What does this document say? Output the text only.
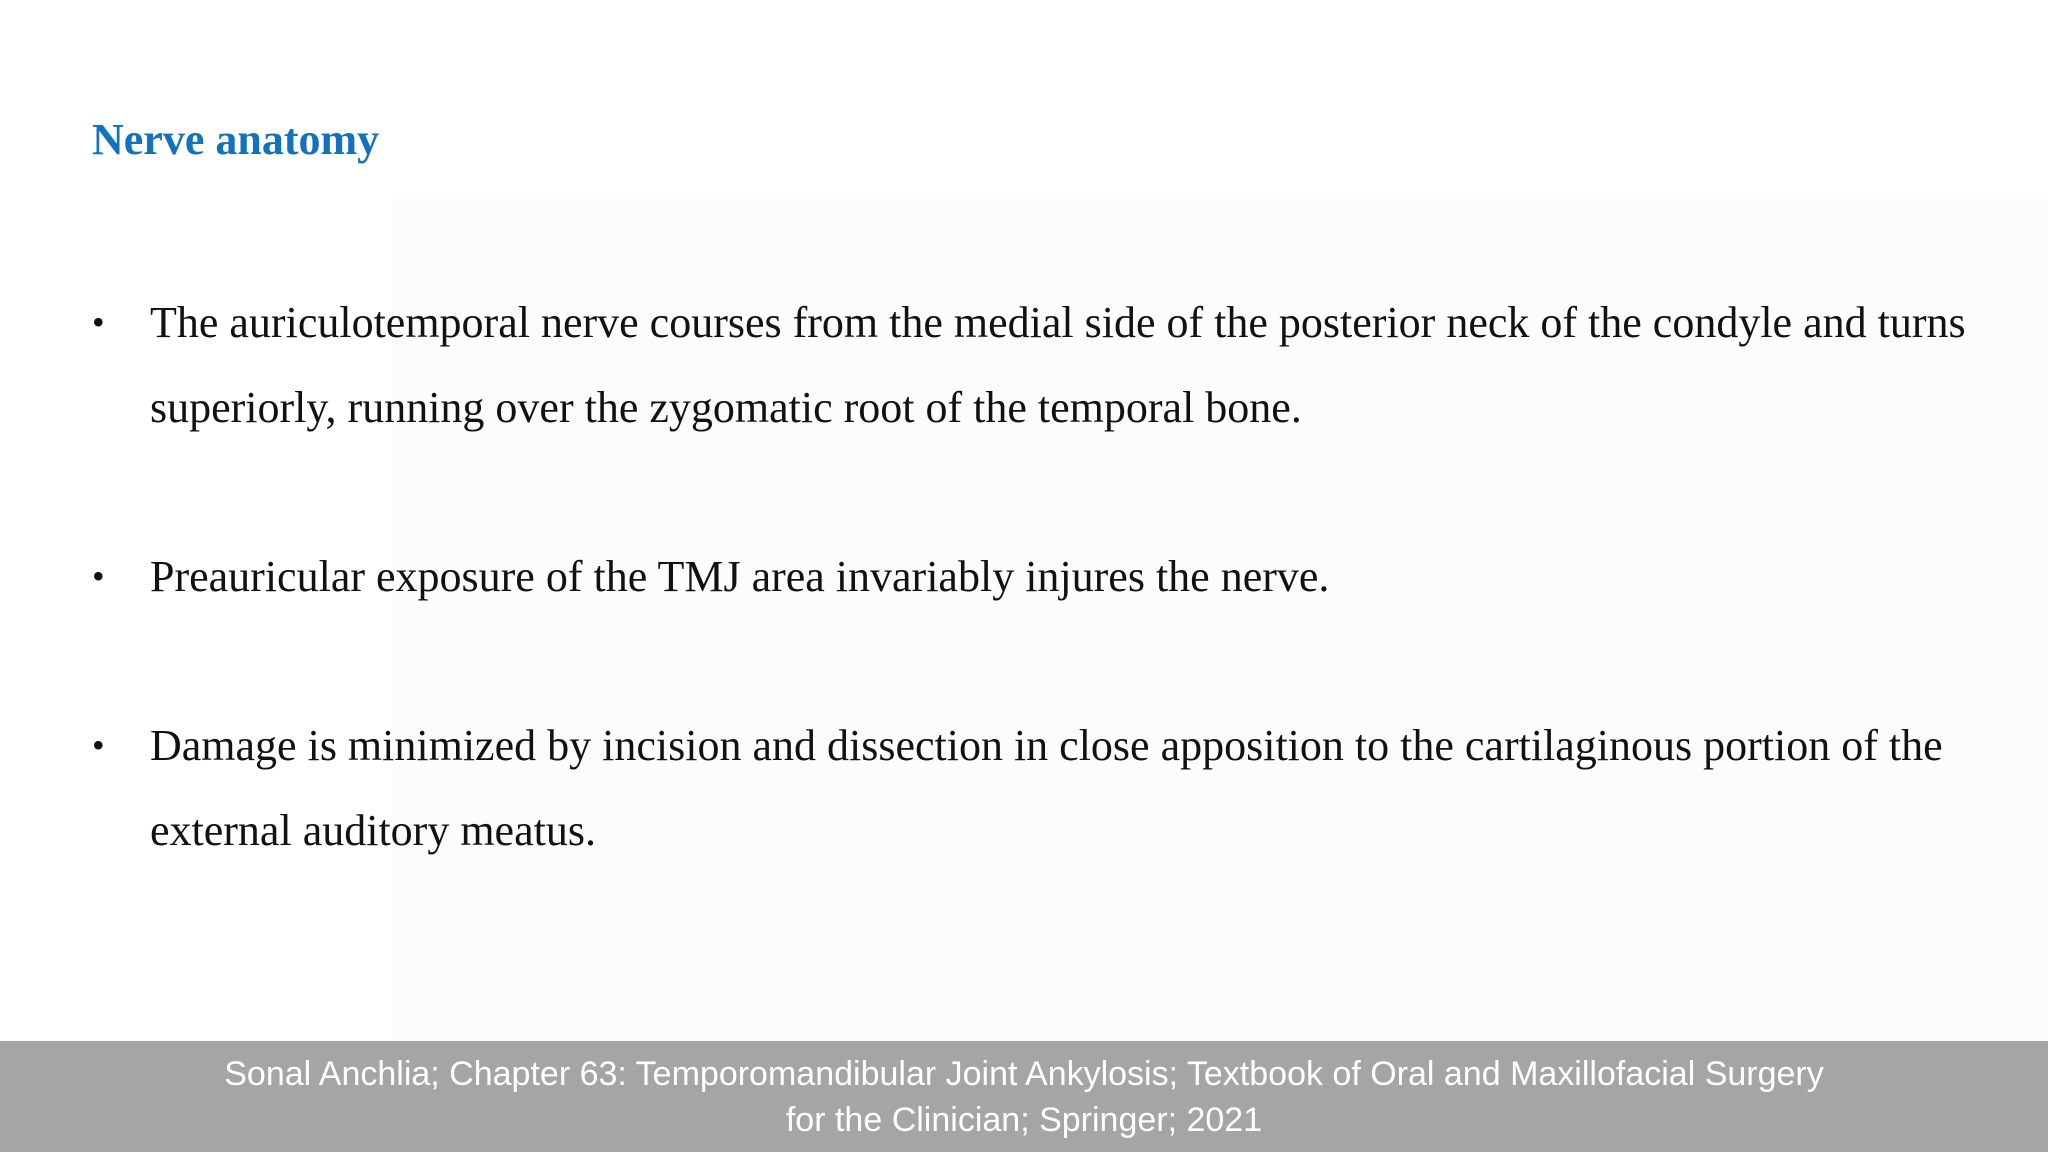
Nerve anatomy
• The auriculotemporal nerve courses from the medial side of the posterior neck of the condyle and turns superiorly, running over the zygomatic root of the temporal bone.
• Preauricular exposure of the TMJ area invariably injures the nerve.
• Damage is minimized by incision and dissection in close apposition to the cartilaginous portion of the external auditory meatus.

Sonal Anchlia; Chapter 63: Temporomandibular Joint Ankylosis; Textbook of Oral and Maxillofacial Surgery
for the Clinician; Springer; 2021
